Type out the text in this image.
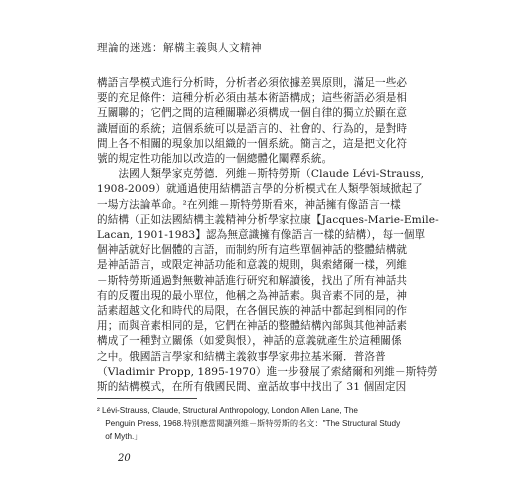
理論的迷逃：解構主義與人文精神
構語言學模式進行分析時，分析者必須依據差異原則，滿足一些必
要的充足條件：這種分析必須由基本術語構成；這些術語必須是相
互關聯的；它們之間的這種關聯必須構成一個自律的獨立於顯在意
識層面的系統；這個系統可以是語言的、社會的、行為的，是對時
間上各不相關的現象加以組織的一個系統。簡言之，這是把文化符
號的規定性功能加以改造的一個總體化闡釋系統。
　　法國人類學家克勞德．列維－斯特勞斯（Claude Lévi-Strauss,
1908-2009）就通過使用結構語言學的分析模式在人類學領域掀起了
一場方法論革命。²在列維－斯特勞斯看來，神話擁有像語言一樣
的結構（正如法國結構主義精神分析學家拉康【Jacques-Marie-Emile-
Lacan, 1901-1983】認為無意識擁有像語言一樣的結構），每一個單
個神話就好比個體的言語，而制約所有這些單個神話的整體結構就
是神話語言，或限定神話功能和意義的規則，與索緒爾一樣，列維
－斯特勞斯通過對無數神話進行研究和解讀後，找出了所有神話共
有的反覆出現的最小單位，他稱之為神話素。與音素不同的是，神
話素超越文化和時代的局限，在各個民族的神話中都起到相同的作
用；而與音素相同的是，它們在神話的整體結構內部與其他神話素
構成了一種對立關係（如愛與恨），神話的意義就產生於這種關係
之中。俄國語言學家和結構主義敘事學家弗拉基米爾．普洛普
（Vladimir Propp, 1895-1970）進一步發展了索緒爾和列維－斯特勞
斯的結構模式，在所有俄國民間、童話故事中找出了 31 個固定因
20
² Lévi-Strauss, Claude, Structural Anthropology, London Allen Lane, The
　Penguin Press, 1968.特別應當閱讀列維－斯特勞斯的名文："The Structural Study
　of Myth.」
